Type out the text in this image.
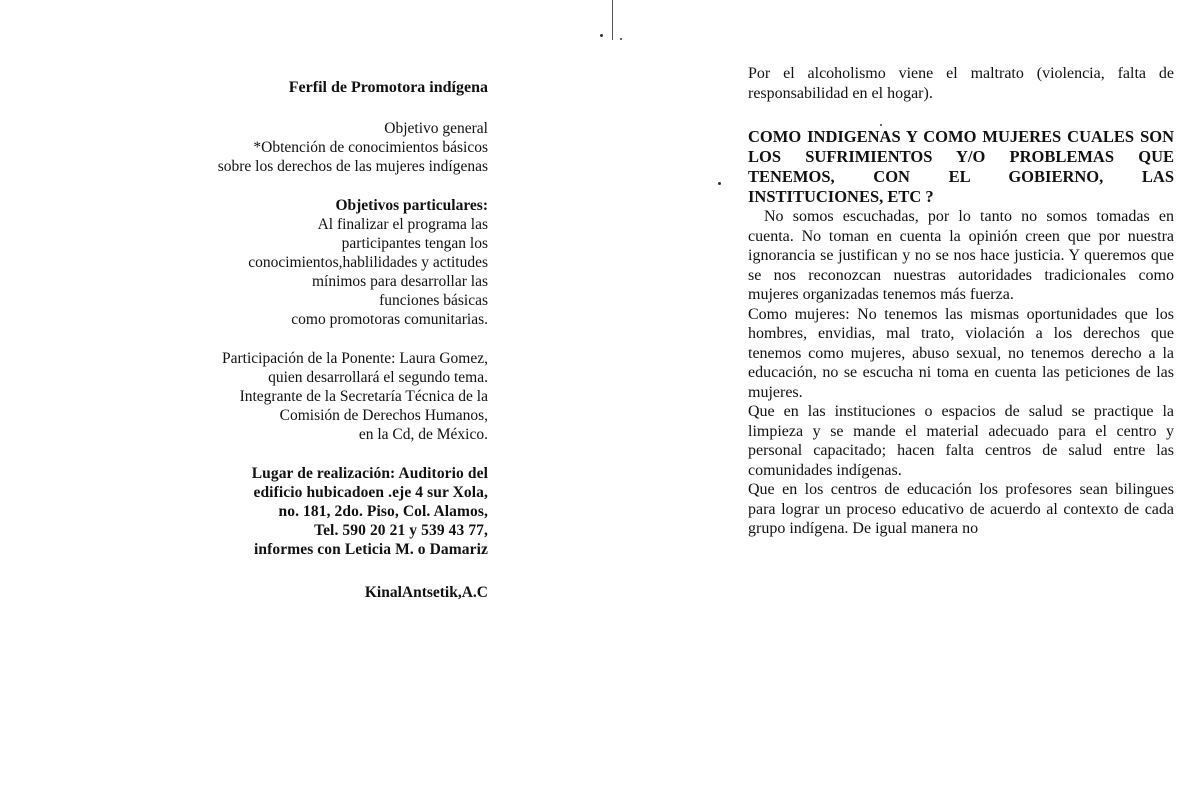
Ferfil de Promotora indígena

Objetivo general

*Obtención de conocimientos básicos

sobre los derechos de las mujeres indígenas

Objetivos particulares:

Al finalizar el programa las

participantes tengan los

conocimientos,hablilidades y actitudes

mínimos para desarrollar las

funciones básicas

como promotoras comunitarias.

Participación de la Ponente: Laura Gomez,

quien desarrollará el segundo tema.

Integrante de la Secretaría Técnica de la

Comisión de Derechos Humanos,

en la Cd, de México.

Lugar de realización: Auditorio del

edificio hubicadoen .eje 4 sur Xola,

no. 181, 2do. Piso, Col. Alamos,

Tel. 590 20 21 y 539 43 77,

informes con Leticia M. o Damariz

KinalAntsetik,A.C

Por el alcoholismo viene el maltrato (violencia, falta de responsabilidad en el hogar).

COMO INDIGENAS Y COMO MUJERES CUALES SON LOS SUFRIMIENTOS Y/O PROBLEMAS QUE TENEMOS, CON EL GOBIERNO, LAS INSTITUCIONES, ETC ?

No somos escuchadas, por lo tanto no somos tomadas en cuenta. No toman en cuenta la opinión creen que por nuestra ignorancia se justifican y no se nos hace justicia. Y queremos que se nos reconozcan nuestras autoridades tradicionales como mujeres organizadas tenemos más fuerza.

Como mujeres: No tenemos las mismas oportunidades que los hombres, envidias, mal trato, violación a los derechos que tenemos como mujeres, abuso sexual, no tenemos derecho a la educación, no se escucha ni toma en cuenta las peticiones de las mujeres.

Que en las instituciones o espacios de salud se practique la limpieza y se mande el material adecuado para el centro y personal capacitado; hacen falta centros de salud entre las comunidades indígenas.

Que en los centros de educación los profesores sean bilingues para lograr un proceso educativo de acuerdo al contexto de cada grupo indígena. De igual manera no
